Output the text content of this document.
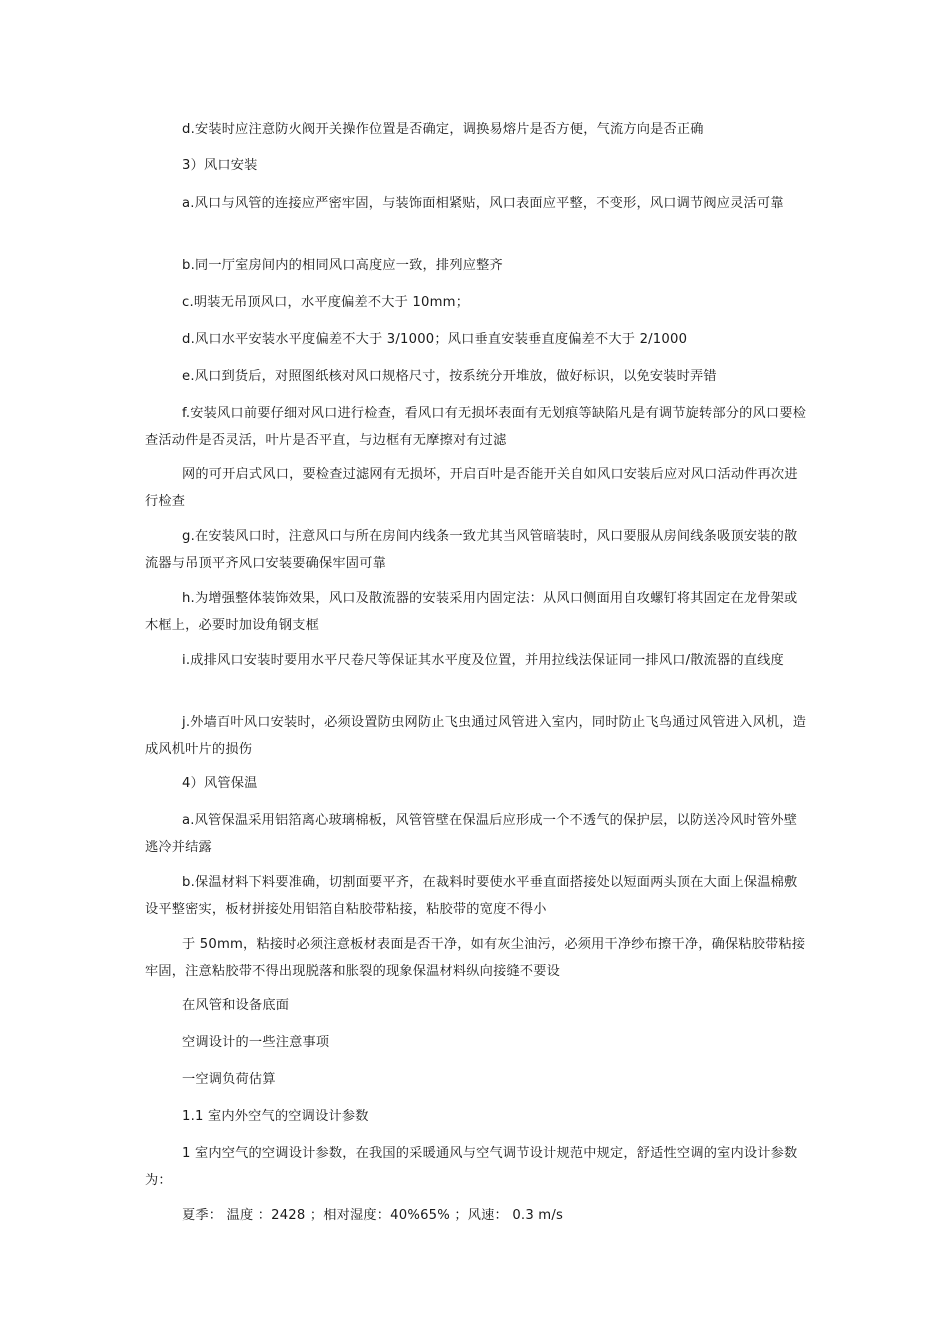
d.安装时应注意防火阀开关操作位置是否确定，调换易熔片是否方便，气流方向是否正确

3）风口安装

a.风口与风管的连接应严密牢固，与装饰面相紧贴，风口表面应平整，不变形，风口调节阀应灵活可靠

b.同一厅室房间内的相同风口高度应一致，排列应整齐

c.明装无吊顶风口，水平度偏差不大于 10mm；

d.风口水平安装水平度偏差不大于 3/1000；风口垂直安装垂直度偏差不大于 2/1000

e.风口到货后，对照图纸核对风口规格尺寸，按系统分开堆放，做好标识，以免安装时弄错

f.安装风口前要仔细对风口进行检查，看风口有无损坏表面有无划痕等缺陷凡是有调节旋转部分的风口要检查活动件是否灵活，叶片是否平直，与边框有无摩擦对有过滤

网的可开启式风口，要检查过滤网有无损坏，开启百叶是否能开关自如风口安装后应对风口活动件再次进行检查

g.在安装风口时，注意风口与所在房间内线条一致尤其当风管暗装时，风口要服从房间线条吸顶安装的散流器与吊顶平齐风口安装要确保牢固可靠

h.为增强整体装饰效果，风口及散流器的安装采用内固定法：从风口侧面用自攻螺钉将其固定在龙骨架或木框上，必要时加设角钢支框

i.成排风口安装时要用水平尺卷尺等保证其水平度及位置，并用拉线法保证同一排风口/散流器的直线度

j.外墙百叶风口安装时，必须设置防虫网防止飞虫通过风管进入室内，同时防止飞鸟通过风管进入风机，造成风机叶片的损伤

4）风管保温

a.风管保温采用铝箔离心玻璃棉板，风管管壁在保温后应形成一个不透气的保护层，以防送冷风时管外壁逃冷并结露

b.保温材料下料要准确，切割面要平齐，在裁料时要使水平垂直面搭接处以短面两头顶在大面上保温棉敷设平整密实，板材拼接处用铝箔自粘胶带粘接，粘胶带的宽度不得小

于 50mm，粘接时必须注意板材表面是否干净，如有灰尘油污，必须用干净纱布擦干净，确保粘胶带粘接牢固，注意粘胶带不得出现脱落和胀裂的现象保温材料纵向接缝不要设

在风管和设备底面

空调设计的一些注意事项

一空调负荷估算

1.1 室内外空气的空调设计参数

1 室内空气的空调设计参数，在我国的采暖通风与空气调节设计规范中规定，舒适性空调的室内设计参数为：

夏季： 温度 ：2428 ；相对湿度：40%65% ；风速： 0.3 m/s
